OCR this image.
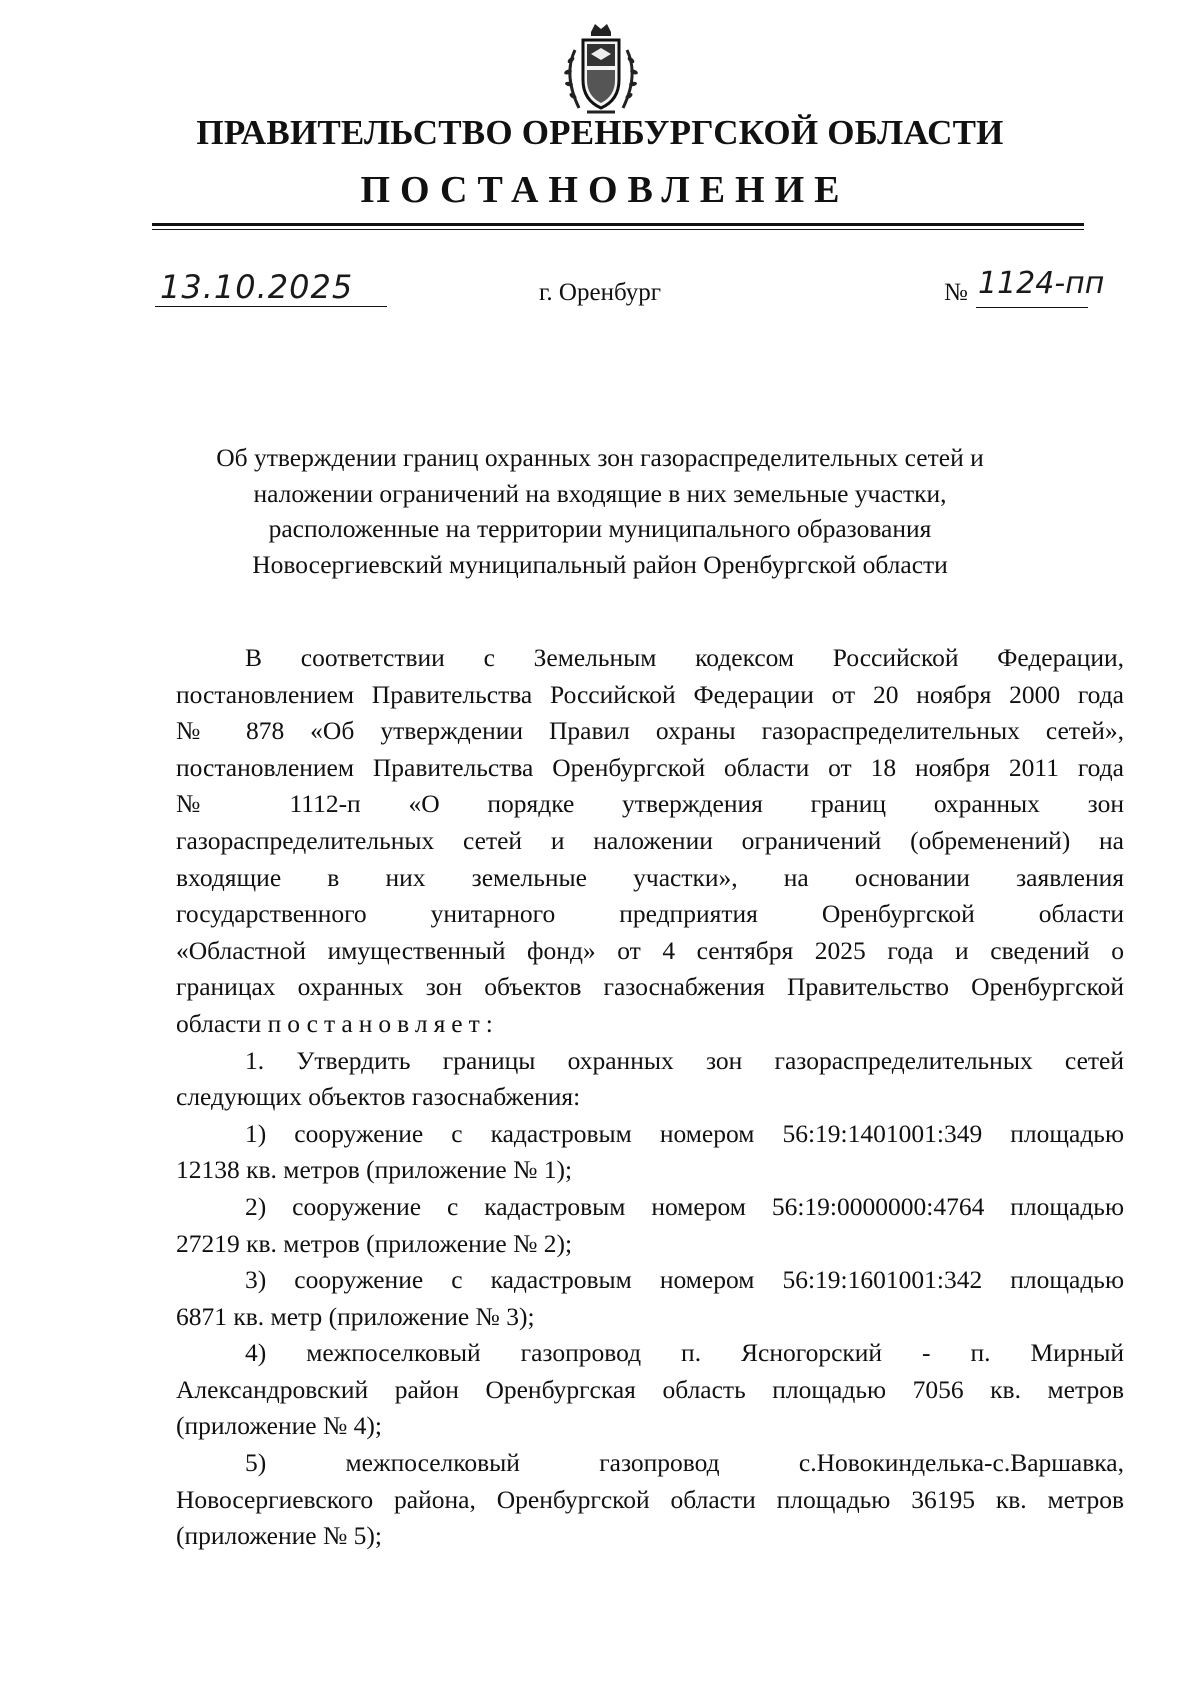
ПРАВИТЕЛЬСТВО ОРЕНБУРГСКОЙ ОБЛАСТИ
ПОСТАНОВЛЕНИЕ
13.10.2025	г. Оренбург	№ 1124-пп
Об утверждении границ охранных зон газораспределительных сетей и
наложении ограничений на входящие в них земельные участки,
расположенные на территории муниципального образования
Новосергиевский муниципальный район Оренбургской области
В соответствии с Земельным кодексом Российской Федерации,
постановлением Правительства Российской Федерации от 20 ноября 2000 года
№ 878 «Об утверждении Правил охраны газораспределительных сетей»,
постановлением Правительства Оренбургской области от 18 ноября 2011 года
№ 1112-п «О порядке утверждения границ охранных зон
газораспределительных сетей и наложении ограничений (обременений) на
входящие в них земельные участки», на основании заявления
государственного унитарного предприятия Оренбургской области
«Областной имущественный фонд» от 4 сентября 2025 года и сведений о
границах охранных зон объектов газоснабжения Правительство Оренбургской
области постановляет:
1. Утвердить границы охранных зон газораспределительных сетей
следующих объектов газоснабжения:
1) сооружение с кадастровым номером 56:19:1401001:349 площадью
12138 кв. метров (приложение № 1);
2) сооружение с кадастровым номером 56:19:0000000:4764 площадью
27219 кв. метров (приложение № 2);
3) сооружение с кадастровым номером 56:19:1601001:342 площадью
6871 кв. метр (приложение № 3);
4) межпоселковый газопровод п. Ясногорский - п. Мирный
Александровский район Оренбургская область площадью 7056 кв. метров
(приложение № 4);
5) межпоселковый газопровод с.Новокинделька-с.Варшавка,
Новосергиевского района, Оренбургской области площадью 36195 кв. метров
(приложение № 5);
